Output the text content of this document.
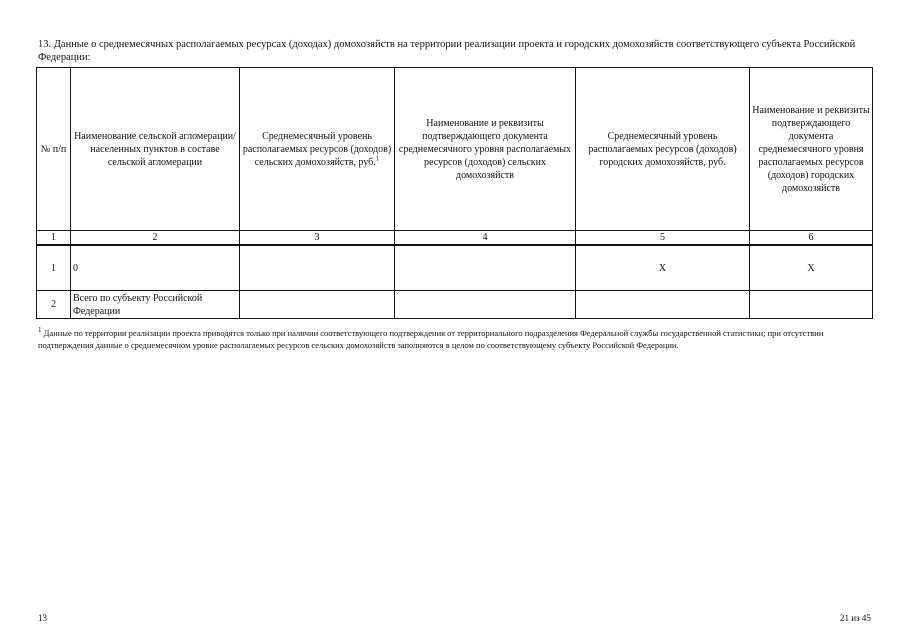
13. Данные о среднемесячных располагаемых ресурсах (доходах) домохозяйств на территории реализации проекта и городских домохозяйств соответствующего субъекта Российской Федерации:
№ п/п	Наименование сельской агломерации/населенных пунктов в составе сельской агломерации	Среднемесячный уровень располагаемых ресурсов (доходов) сельских домохозяйств, руб.$^1$	Наименование и реквизиты подтверждающего документа среднемесячного уровня располагаемых ресурсов (доходов) сельских домохозяйств	Среднемесячный уровень располагаемых ресурсов (доходов) городских домохозяйств, руб.	Наименование и реквизиты подтверждающего документа среднемесячного уровня располагаемых ресурсов (доходов) городских домохозяйств
1	2	3	4	5	6
1	0			X	X
2	Всего по субъекту Российской Федерации				
$^1$ Данные по территории реализации проекта приводятся только при наличии соответствующего подтверждения от территориального подразделения Федеральной службы государственной статистики; при отсутствии подтверждения данные о среднемесячном уровне располагаемых ресурсов сельских домохозяйств заполняются в целом по соответствующему субъекту Российской Федерации.
13	21 из 45
